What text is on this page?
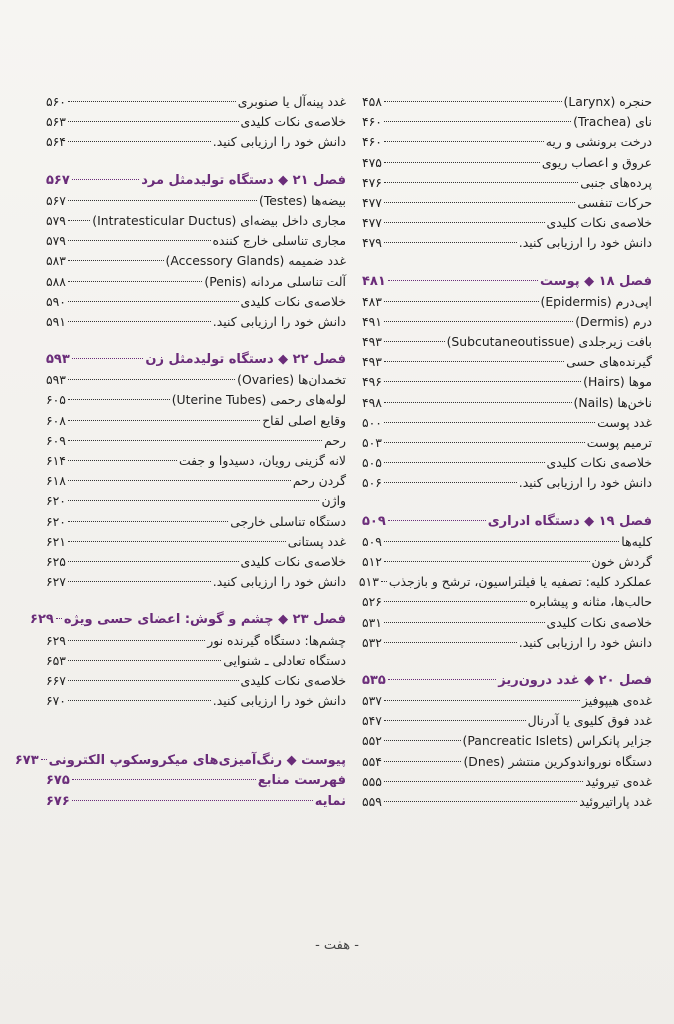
حنجره (Larynx)
۴۵۸
نای (Trachea)
۴۶۰
درخت برونشی و ریه
۴۶۰
عروق و اعصاب ریوی
۴۷۵
پرده‌های جنبی
۴۷۶
حرکات تنفسی
۴۷۷
خلاصه‌ی نکات کلیدی
۴۷۷
دانش خود را ارزیابی کنید.
۴۷۹
فصل ۱۸ ◆ پوست
۴۸۱
اپی‌درم (Epidermis)
۴۸۳
درم (Dermis)
۴۹۱
بافت زیرجلدی (Subcutaneoutissue)
۴۹۳
گیرنده‌های حسی
۴۹۳
موها (Hairs)
۴۹۶
ناخن‌ها (Nails)
۴۹۸
غدد پوست
۵۰۰
ترمیم پوست
۵۰۳
خلاصه‌ی نکات کلیدی
۵۰۵
دانش خود را ارزیابی کنید.
۵۰۶
فصل ۱۹ ◆ دستگاه ادراری
۵۰۹
کلیه‌ها
۵۰۹
گردش خون
۵۱۲
عملکرد کلیه: تصفیه یا فیلتراسیون، ترشح و بازجذب
۵۱۳
حالب‌ها، مثانه و پیشابره
۵۲۶
خلاصه‌ی نکات کلیدی
۵۳۱
دانش خود را ارزیابی کنید.
۵۳۲
فصل ۲۰ ◆ غدد درون‌ریز
۵۳۵
غده‌ی هیپوفیز
۵۳۷
غدد فوق کلیوی یا آدرنال
۵۴۷
جزایر پانکراس (Pancreatic Islets)
۵۵۲
دستگاه نورواندوکرین منتشر (Dnes)
۵۵۴
غده‌ی تیروئید
۵۵۵
غدد پاراتیروئید
۵۵۹
غدد پینه‌آل یا صنوبری
۵۶۰
خلاصه‌ی نکات کلیدی
۵۶۳
دانش خود را ارزیابی کنید.
۵۶۴
فصل ۲۱ ◆ دستگاه تولیدمثل مرد
۵۶۷
بیضه‌ها (Testes)
۵۶۷
مجاری داخل بیضه‌ای (Intratesticular Ductus)
۵۷۹
مجاری تناسلی خارج کننده
۵۷۹
غدد ضمیمه (Accessory Glands)
۵۸۳
آلت تناسلی مردانه (Penis)
۵۸۸
خلاصه‌ی نکات کلیدی
۵۹۰
دانش خود را ارزیابی کنید.
۵۹۱
فصل ۲۲ ◆ دستگاه تولیدمثل زن
۵۹۳
تخمدان‌ها (Ovaries)
۵۹۳
لوله‌های رحمی (Uterine Tubes)
۶۰۵
وقایع اصلی لقاح
۶۰۸
رحم
۶۰۹
لانه گزینی رویان، دسیدوا و جفت
۶۱۴
گردن رحم
۶۱۸
واژن
۶۲۰
دستگاه تناسلی خارجی
۶۲۰
غدد پستانی
۶۲۱
خلاصه‌ی نکات کلیدی
۶۲۵
دانش خود را ارزیابی کنید.
۶۲۷
فصل ۲۳ ◆ چشم و گوش: اعضای حسی ویژه
۶۲۹
چشم‌ها: دستگاه گیرنده نور
۶۲۹
دستگاه تعادلی ـ شنوایی
۶۵۳
خلاصه‌ی نکات کلیدی
۶۶۷
دانش خود را ارزیابی کنید.
۶۷۰
پیوست ◆ رنگ‌آمیزی‌های میکروسکوپ الکترونی
۶۷۳
فهرست منابع
۶۷۵
نمایه
۶۷۶
- هفت -
